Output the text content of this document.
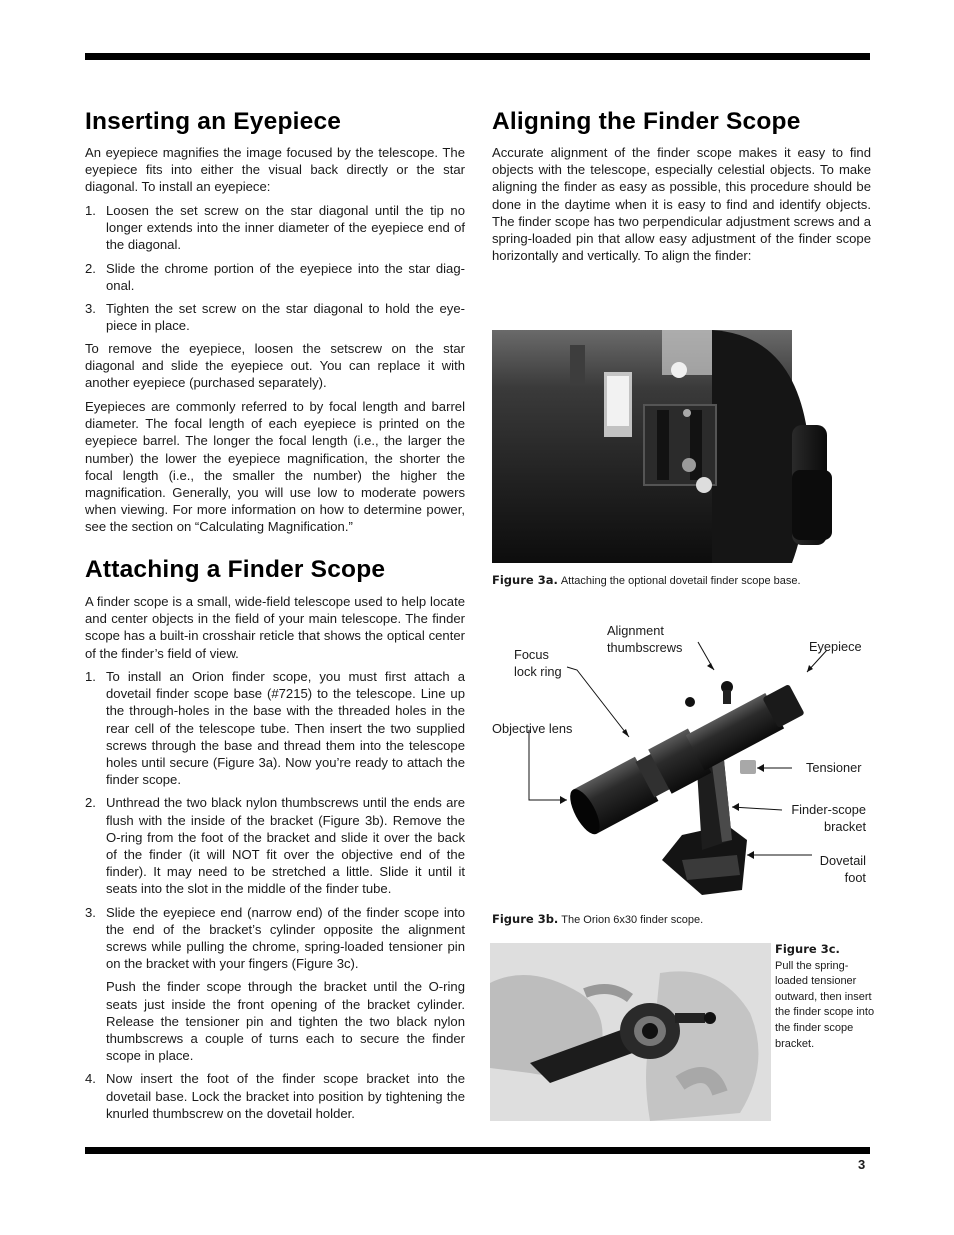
Inserting an Eyepiece

An eyepiece magnifies the image focused by the telescope. The eyepiece fits into either the visual back directly or the star diagonal. To install an eyepiece:

1. Loosen the set screw on the star diagonal until the tip no longer extends into the inner diameter of the eyepiece end of the diagonal.
2. Slide the chrome portion of the eyepiece into the star diagonal.
3. Tighten the set screw on the star diagonal to hold the eyepiece in place.

To remove the eyepiece, loosen the setscrew on the star diagonal and slide the eyepiece out. You can replace it with another eyepiece (purchased separately).

Eyepieces are commonly referred to by focal length and barrel diameter. The focal length of each eyepiece is printed on the eyepiece barrel. The longer the focal length (i.e., the larger the number) the lower the eyepiece magnification, the shorter the focal length (i.e., the smaller the number) the higher the magnification. Generally, you will use low to moderate powers when viewing. For more information on how to determine power, see the section on “Calculating Magnification.”

Attaching a Finder Scope

A finder scope is a small, wide-field telescope used to help locate and center objects in the field of your main telescope. The finder scope has a built-in crosshair reticle that shows the optical center of the finder’s field of view.

1. To install an Orion finder scope, you must first attach a dovetail finder scope base (#7215) to the telescope. Line up the through-holes in the base with the threaded holes in the rear cell of the telescope tube. Then insert the two supplied screws through the base and thread them into the telescope holes until secure (Figure 3a). Now you’re ready to attach the finder scope.
2. Unthread the two black nylon thumbscrews until the ends are flush with the inside of the bracket (Figure 3b). Remove the O-ring from the foot of the bracket and slide it over the back of the finder (it will NOT fit over the objective end of the finder). It may need to be stretched a little. Slide it until it seats into the slot in the middle of the finder tube.
3. Slide the eyepiece end (narrow end) of the finder scope into the end of the bracket’s cylinder opposite the alignment screws while pulling the chrome, spring-loaded tensioner pin on the bracket with your fingers (Figure 3c).
Push the finder scope through the bracket until the O-ring seats just inside the front opening of the bracket cylinder. Release the tensioner pin and tighten the two black nylon thumbscrews a couple of turns each to secure the finder scope in place.
4. Now insert the foot of the finder scope bracket into the dovetail base. Lock the bracket into position by tightening the knurled thumbscrew on the dovetail holder.
Aligning the Finder Scope

Accurate alignment of the finder scope makes it easy to find objects with the telescope, especially celestial objects. To make aligning the finder as easy as possible, this procedure should be done in the daytime when it is easy to find and identify objects. The finder scope has two perpendicular adjustment screws and a spring-loaded pin that allow easy adjustment of the finder scope horizontally and vertically. To align the finder:

Figure 3a. Attaching the optional dovetail finder scope base.
Alignment
thumbscrews
Focus
lock ring
Eyepiece
Objective lens
Tensioner
Finder-scope
bracket
Dovetail
foot
Figure 3b. The Orion 6x30 finder scope.
Figure 3c.
Pull the spring-loaded tensioner outward, then insert the finder scope into the finder scope bracket.
3
